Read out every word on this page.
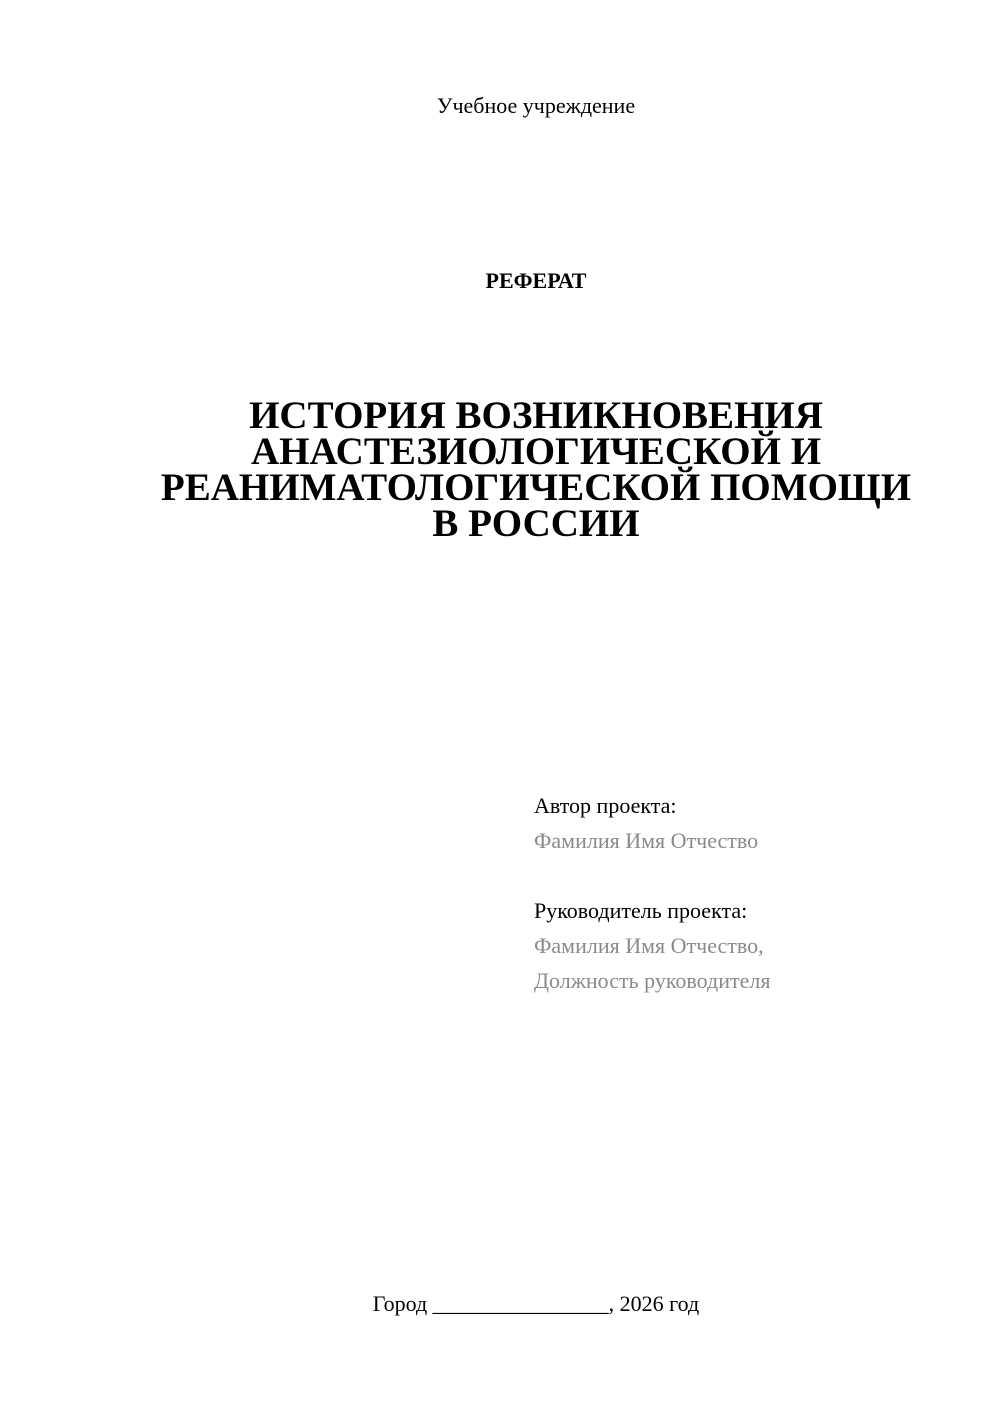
Учебное учреждение
РЕФЕРАТ
ИСТОРИЯ ВОЗНИКНОВЕНИЯ
АНАСТЕЗИОЛОГИЧЕСКОЙ И
РЕАНИМАТОЛОГИЧЕСКОЙ ПОМОЩИ
В РОССИИ
Автор проекта:
Фамилия Имя Отчество
Руководитель проекта:
Фамилия Имя Отчество,
Должность руководителя
Город ________________, 2026 год
